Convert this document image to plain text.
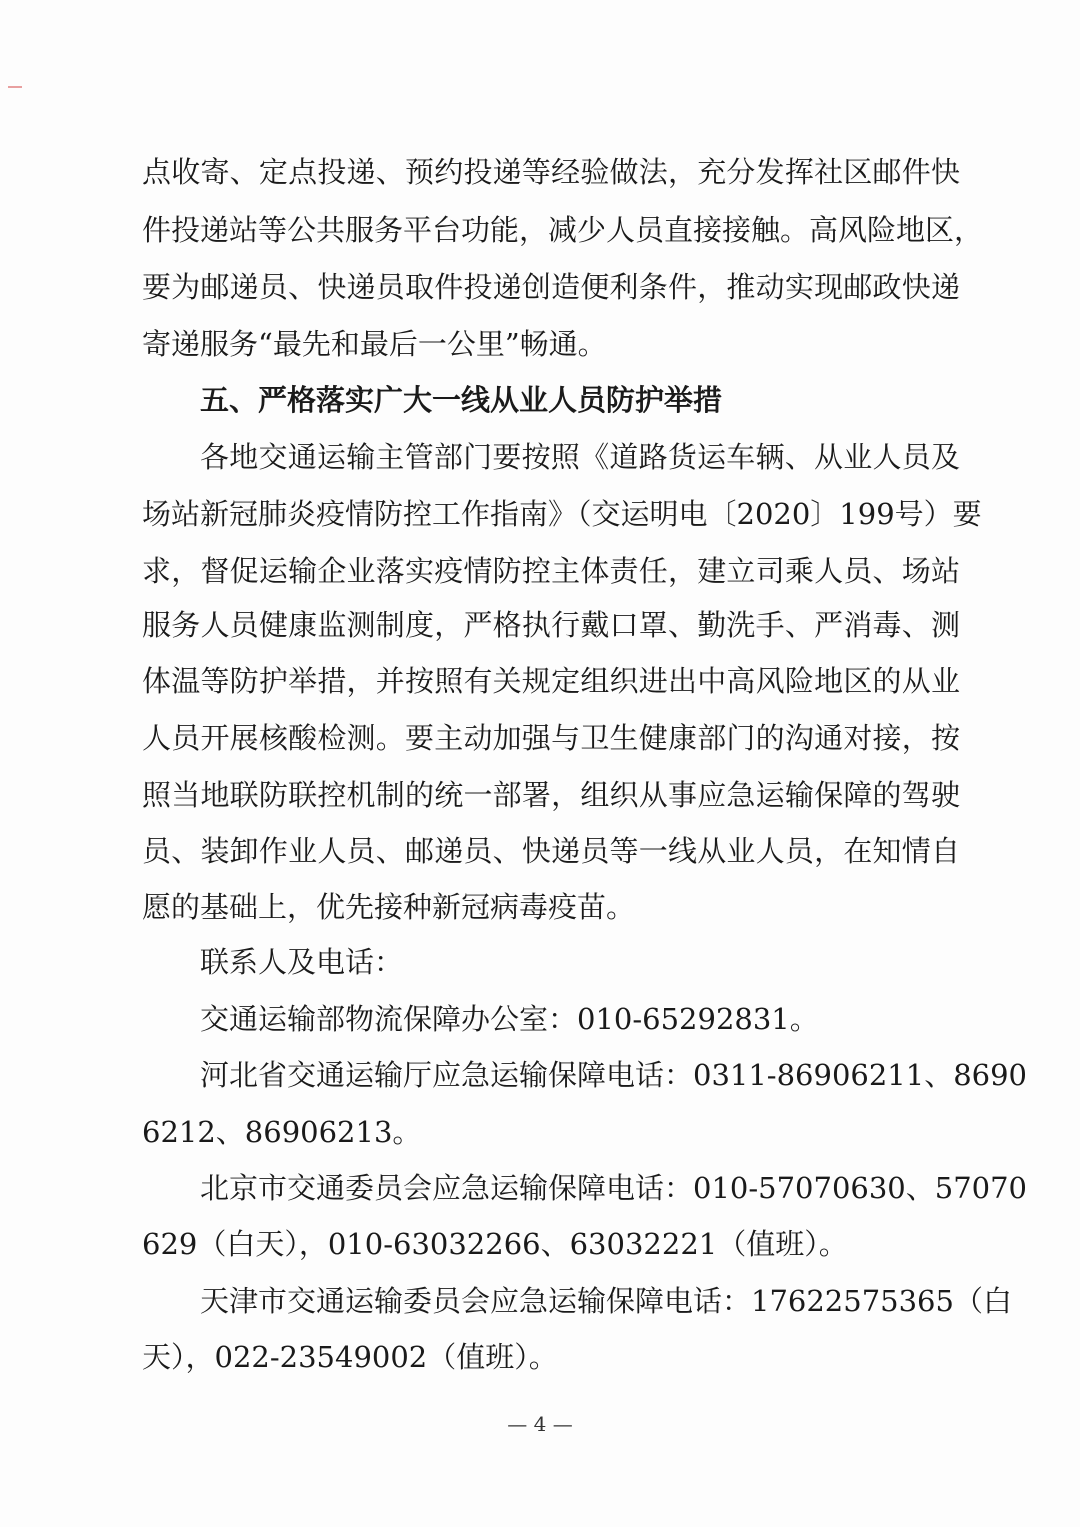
点收寄、定点投递、预约投递等经验做法，充分发挥社区邮件快
件投递站等公共服务平台功能，减少人员直接接触。高风险地区，
要为邮递员、快递员取件投递创造便利条件，推动实现邮政快递
寄递服务“最先和最后一公里”畅通。
五、严格落实广大一线从业人员防护举措
各地交通运输主管部门要按照《道路货运车辆、从业人员及
场站新冠肺炎疫情防控工作指南》（交运明电〔2020〕199号）要
求，督促运输企业落实疫情防控主体责任，建立司乘人员、场站
服务人员健康监测制度，严格执行戴口罩、勤洗手、严消毒、测
体温等防护举措，并按照有关规定组织进出中高风险地区的从业
人员开展核酸检测。要主动加强与卫生健康部门的沟通对接，按
照当地联防联控机制的统一部署，组织从事应急运输保障的驾驶
员、装卸作业人员、邮递员、快递员等一线从业人员，在知情自
愿的基础上，优先接种新冠病毒疫苗。
联系人及电话：
交通运输部物流保障办公室：010-65292831。
河北省交通运输厅应急运输保障电话：0311-86906211、8690
6212、86906213。
北京市交通委员会应急运输保障电话：010-57070630、57070
629（白天），010-63032266、63032221（值班）。
天津市交通运输委员会应急运输保障电话：17622575365（白
天），022-23549002（值班）。
— 4 —
